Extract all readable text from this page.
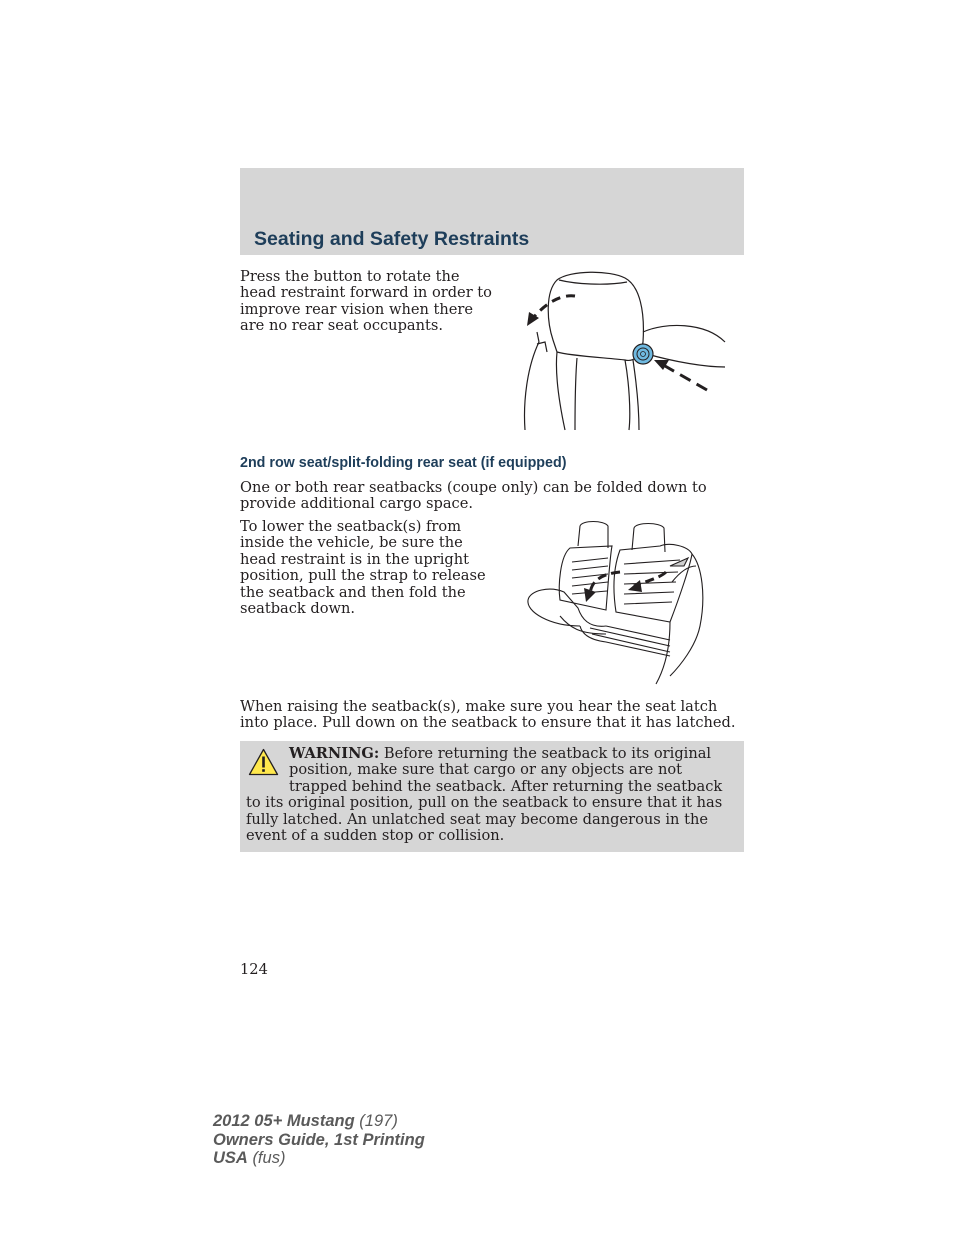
Seating and Safety Restraints

Press the button to rotate the head restraint forward in order to improve rear vision when there are no rear seat occupants.

2nd row seat/split-folding rear seat (if equipped)

One or both rear seatbacks (coupe only) can be folded down to provide additional cargo space.

To lower the seatback(s) from inside the vehicle, be sure the head restraint is in the upright position, pull the strap to release the seatback and then fold the seatback down.

When raising the seatback(s), make sure you hear the seat latch into place. Pull down on the seatback to ensure that it has latched.

WARNING: Before returning the seatback to its original position, make sure that cargo or any objects are not trapped behind the seatback. After returning the seatback to its original position, pull on the seatback to ensure that it has fully latched. An unlatched seat may become dangerous in the event of a sudden stop or collision.

124

2012 05+ Mustang (197)
Owners Guide, 1st Printing
USA (fus)
